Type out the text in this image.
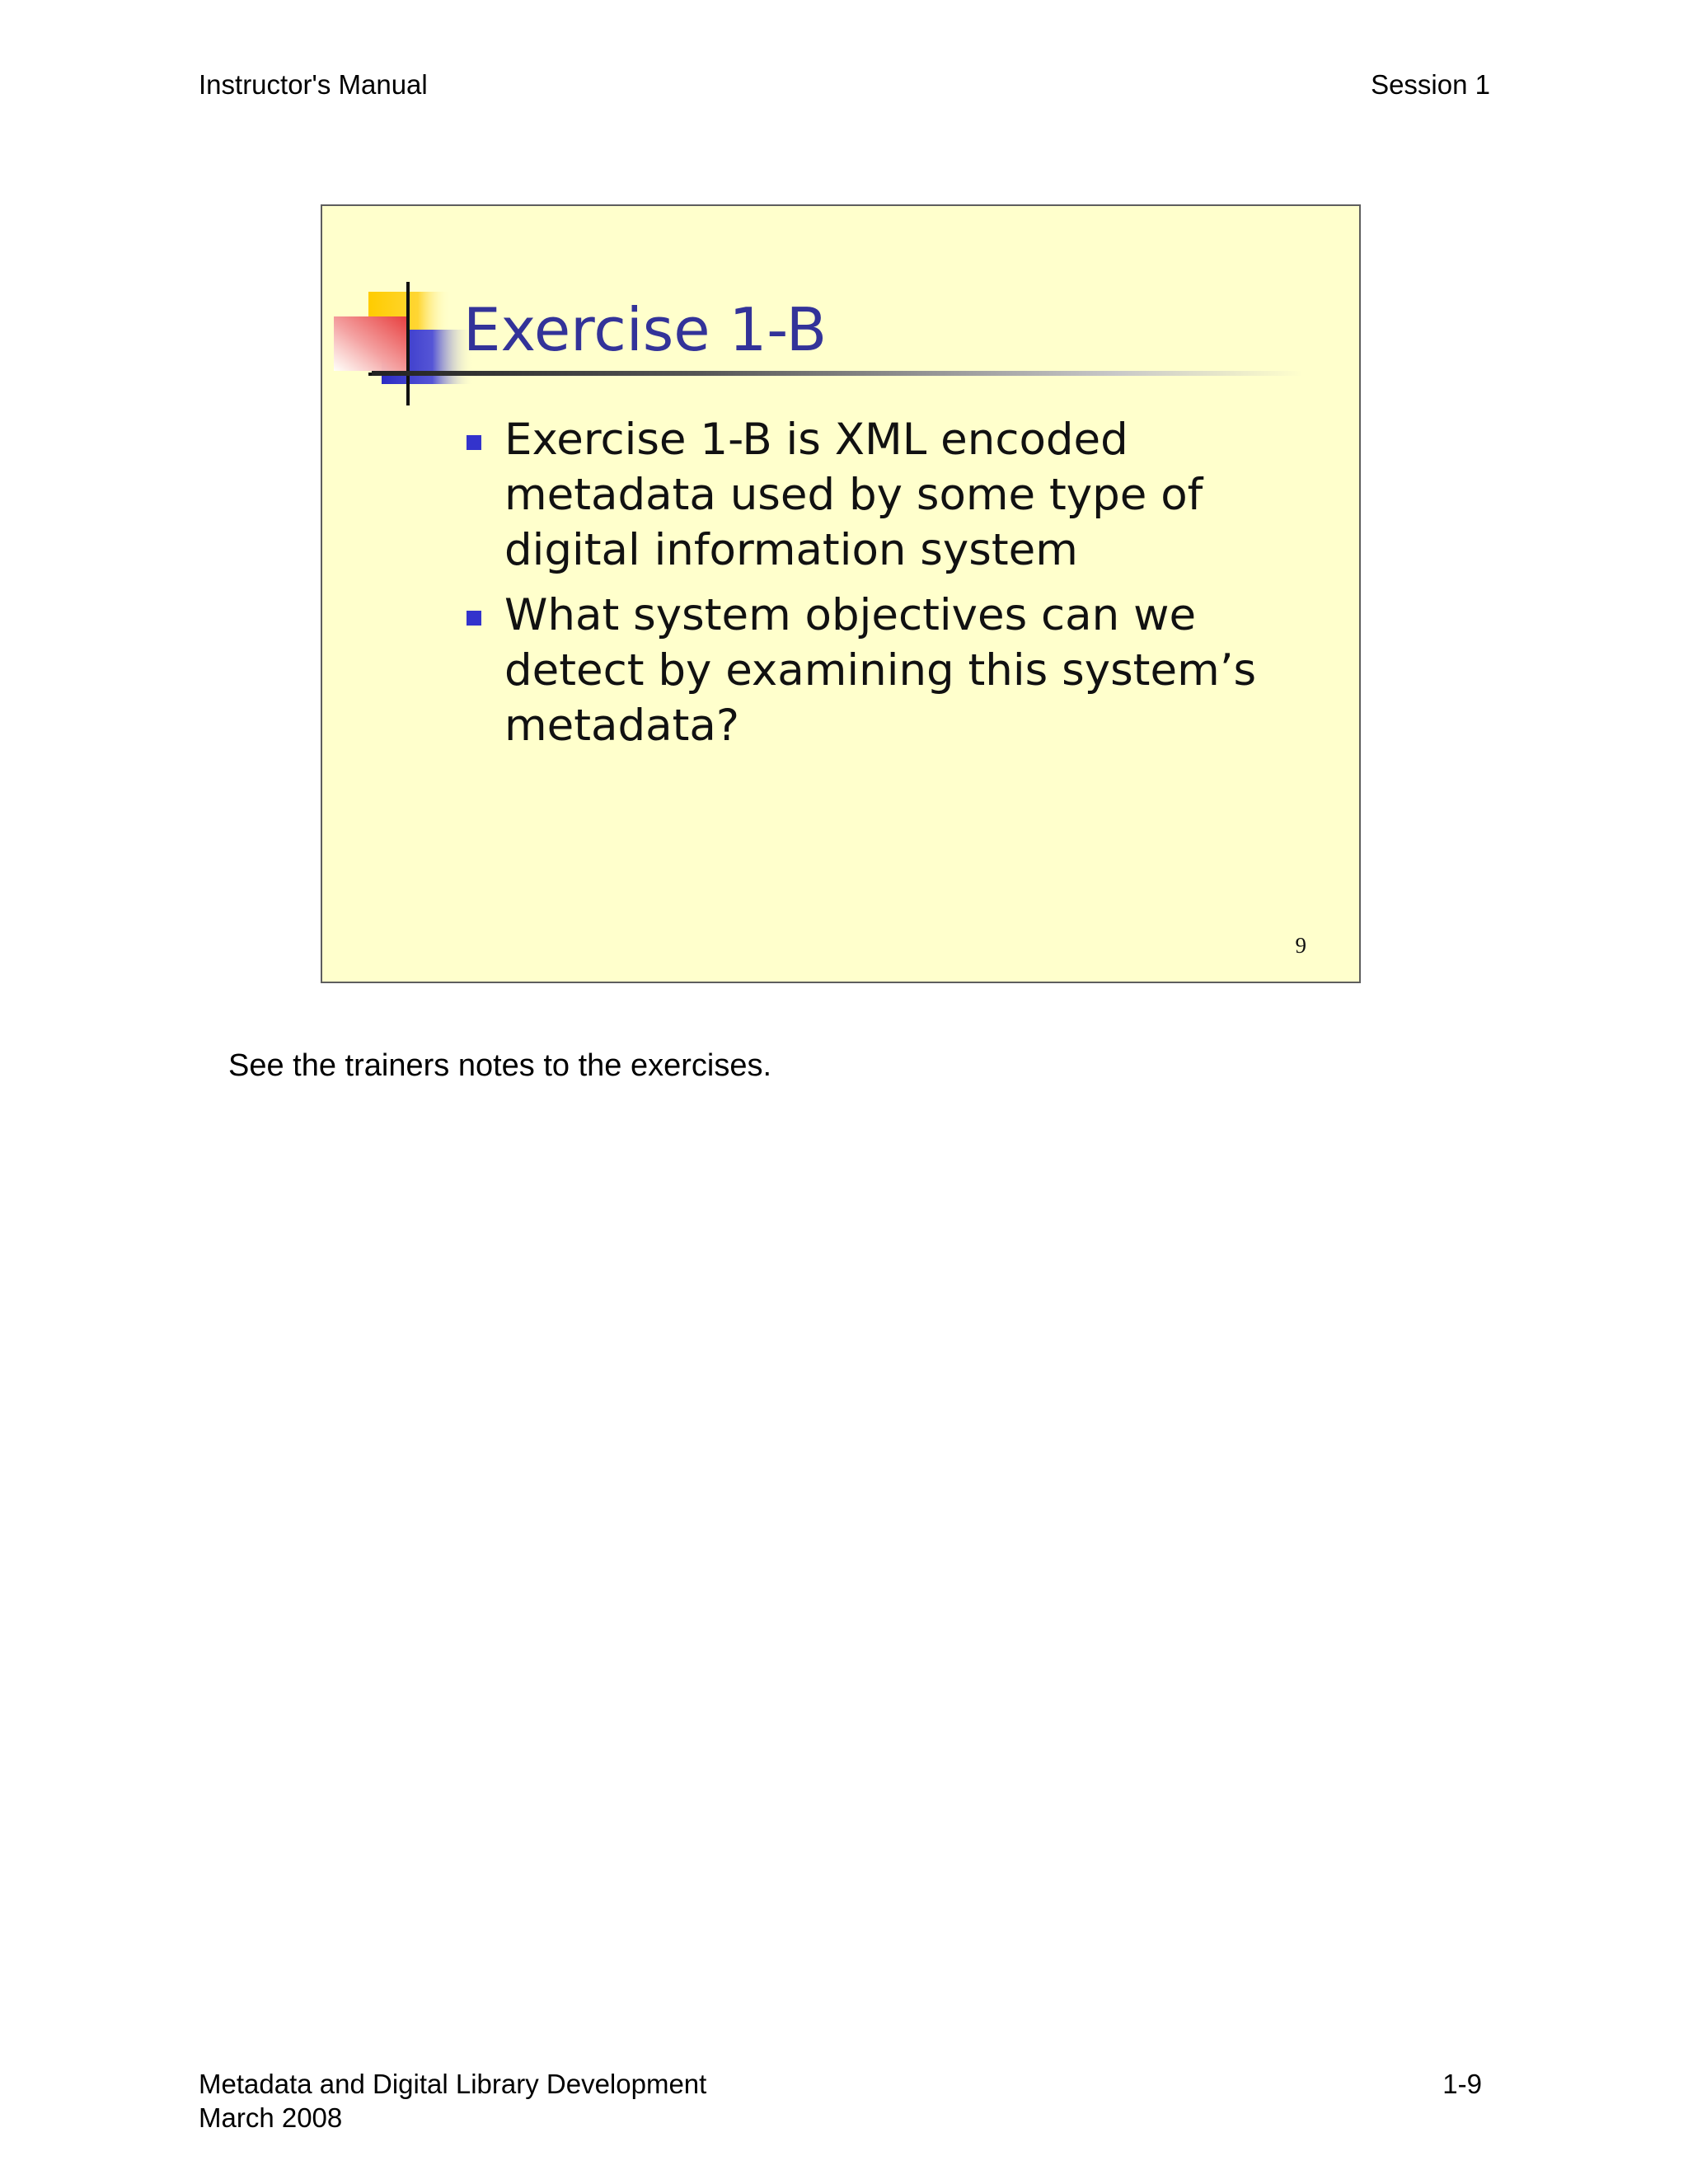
Instructor's Manual	Session 1
Exercise 1-B
Exercise 1-B is XML encoded metadata used by some type of digital information system
What system objectives can we detect by examining this system’s metadata?
9
See the trainers notes to the exercises.
Metadata and Digital Library Development
March 2008
1-9
